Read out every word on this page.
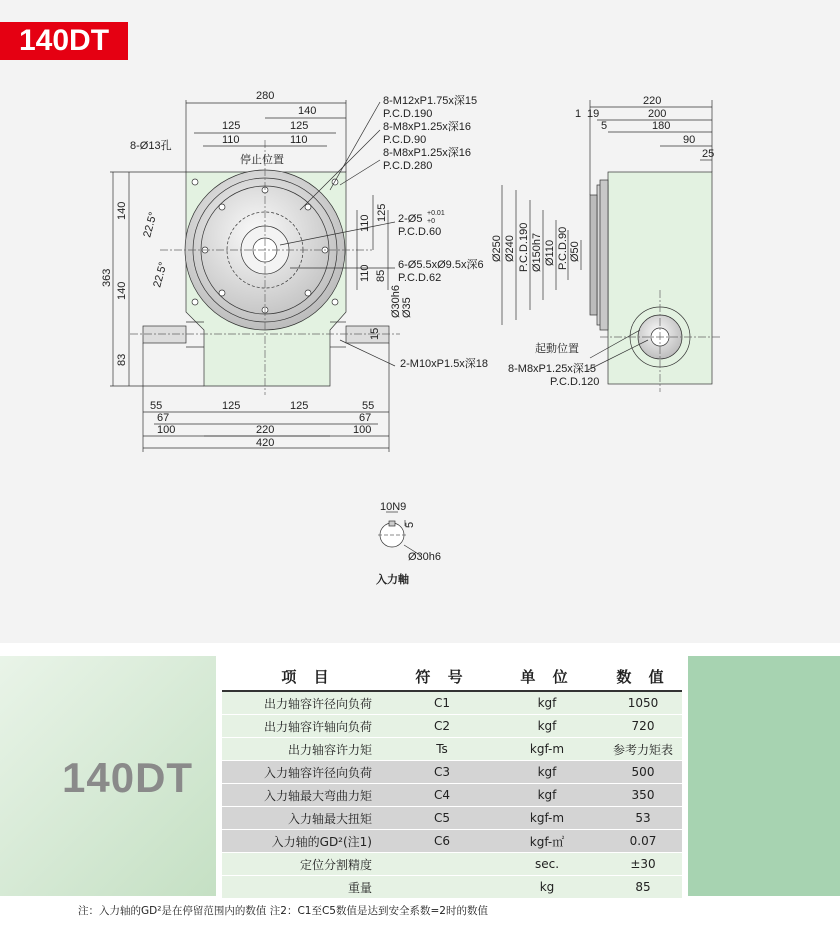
280
140
125	125
110	110
8-Ø13孔
停止位置
140
140
363
83
22.5°
22.5°
125
110
110 85
15
Ø30h6 Ø35
55	55
67	67
100	100
125	125
220
420
8-M12xP1.75x深15
P.C.D.190
8-M8xP1.25x深16
P.C.D.90
8-M8xP1.25x深16
P.C.D.280
2-Ø5 +0.01
+0
P.C.D.60
6-Ø5.5xØ9.5x深6
P.C.D.62
2-M10xP1.5x深18
220
200
180
90
25
1 19
5
Ø250 Ø240 P.C.D.190 Ø150h7 Ø110 P.C.D.90 Ø50
起動位置
8-M8xP1.25x深15
P.C.D.120
10N9
5
Ø30h6
入力軸
140DT
140DT
项 目	符 号	单 位	数 值
出力轴容许径向负荷	C1	kgf	1050
出力轴容许轴向负荷	C2	kgf	720
出力轴容许力矩	Ts	kgf-m	参考力矩表
入力轴容许径向负荷	C3	kgf	500
入力轴最大弯曲力矩	C4	kgf	350
入力轴最大扭矩	C5	kgf-m	53
入力轴的GD²(注1)	C6	kgf-㎡	0.07
定位分割精度		sec.	±30
重量		kg	85
注：入力轴的GD²是在停留范围内的数值 注2：C1至C5数值是达到安全系数=2时的数值
